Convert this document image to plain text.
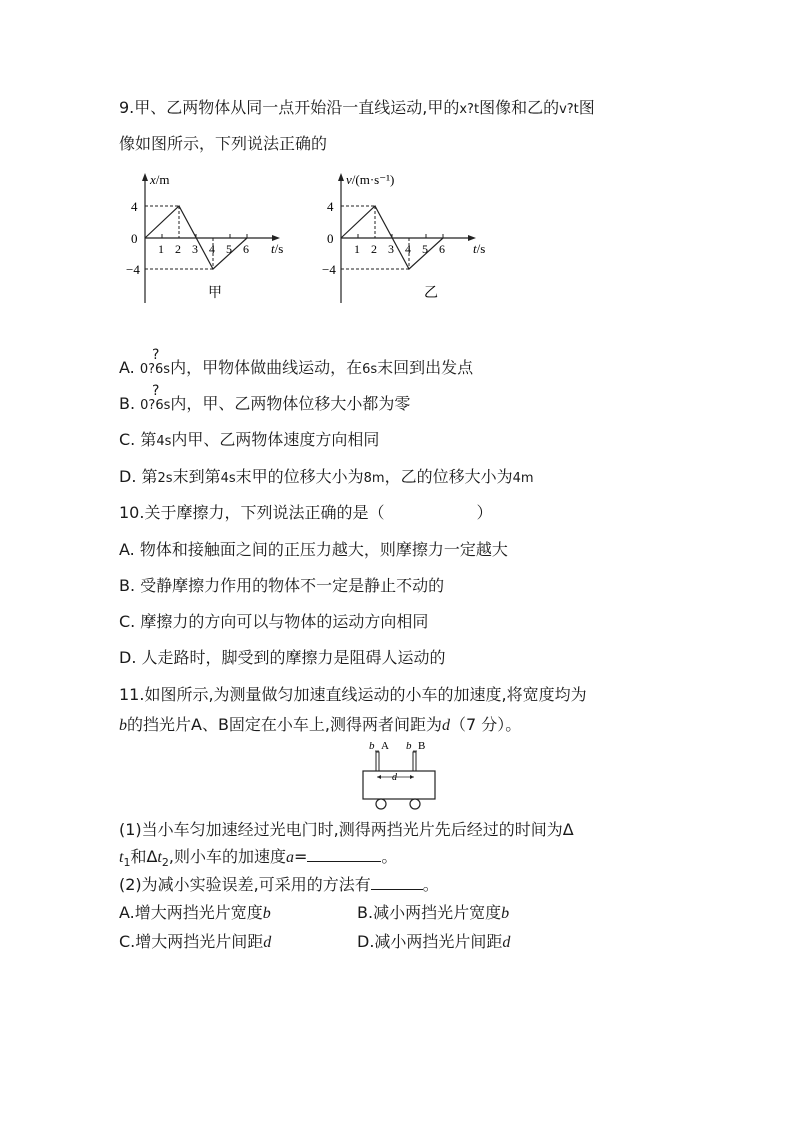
9.甲、乙两物体从同一点开始沿一直线运动,甲的x?t图像和乙的v?t图
像如图所示，下列说法正确的
x/m
4
0
−4
1 2 3 4 5 6 t/s
甲
v/(m·s⁻¹)
4
0
−4
1 2 3 4 5 6 t/s
乙
?
A. 0?6s内，甲物体做曲线运动，在6s末回到出发点
?
B. 0?6s内，甲、乙两物体位移大小都为零
C. 第4s内甲、乙两物体速度方向相同
D. 第2s末到第4s末甲的位移大小为8m，乙的位移大小为4m
10.关于摩擦力，下列说法正确的是（	）
A. 物体和接触面之间的正压力越大，则摩擦力一定越大
B. 受静摩擦力作用的物体不一定是静止不动的
C. 摩擦力的方向可以与物体的运动方向相同
D. 人走路时，脚受到的摩擦力是阻碍人运动的
11.如图所示,为测量做匀加速直线运动的小车的加速度,将宽度均为
b的挡光片A、B固定在小车上,测得两者间距为d（7 分）。
b A b B
d
(1)当小车匀加速经过光电门时,测得两挡光片先后经过的时间为Δ
$t_1$和$\Delta t_2$,则小车的加速度a=	。
(2)为减小实验误差,可采用的方法有	。
A.增大两挡光片宽度b	B.减小两挡光片宽度b
C.增大两挡光片间距d	D.减小两挡光片间距d
